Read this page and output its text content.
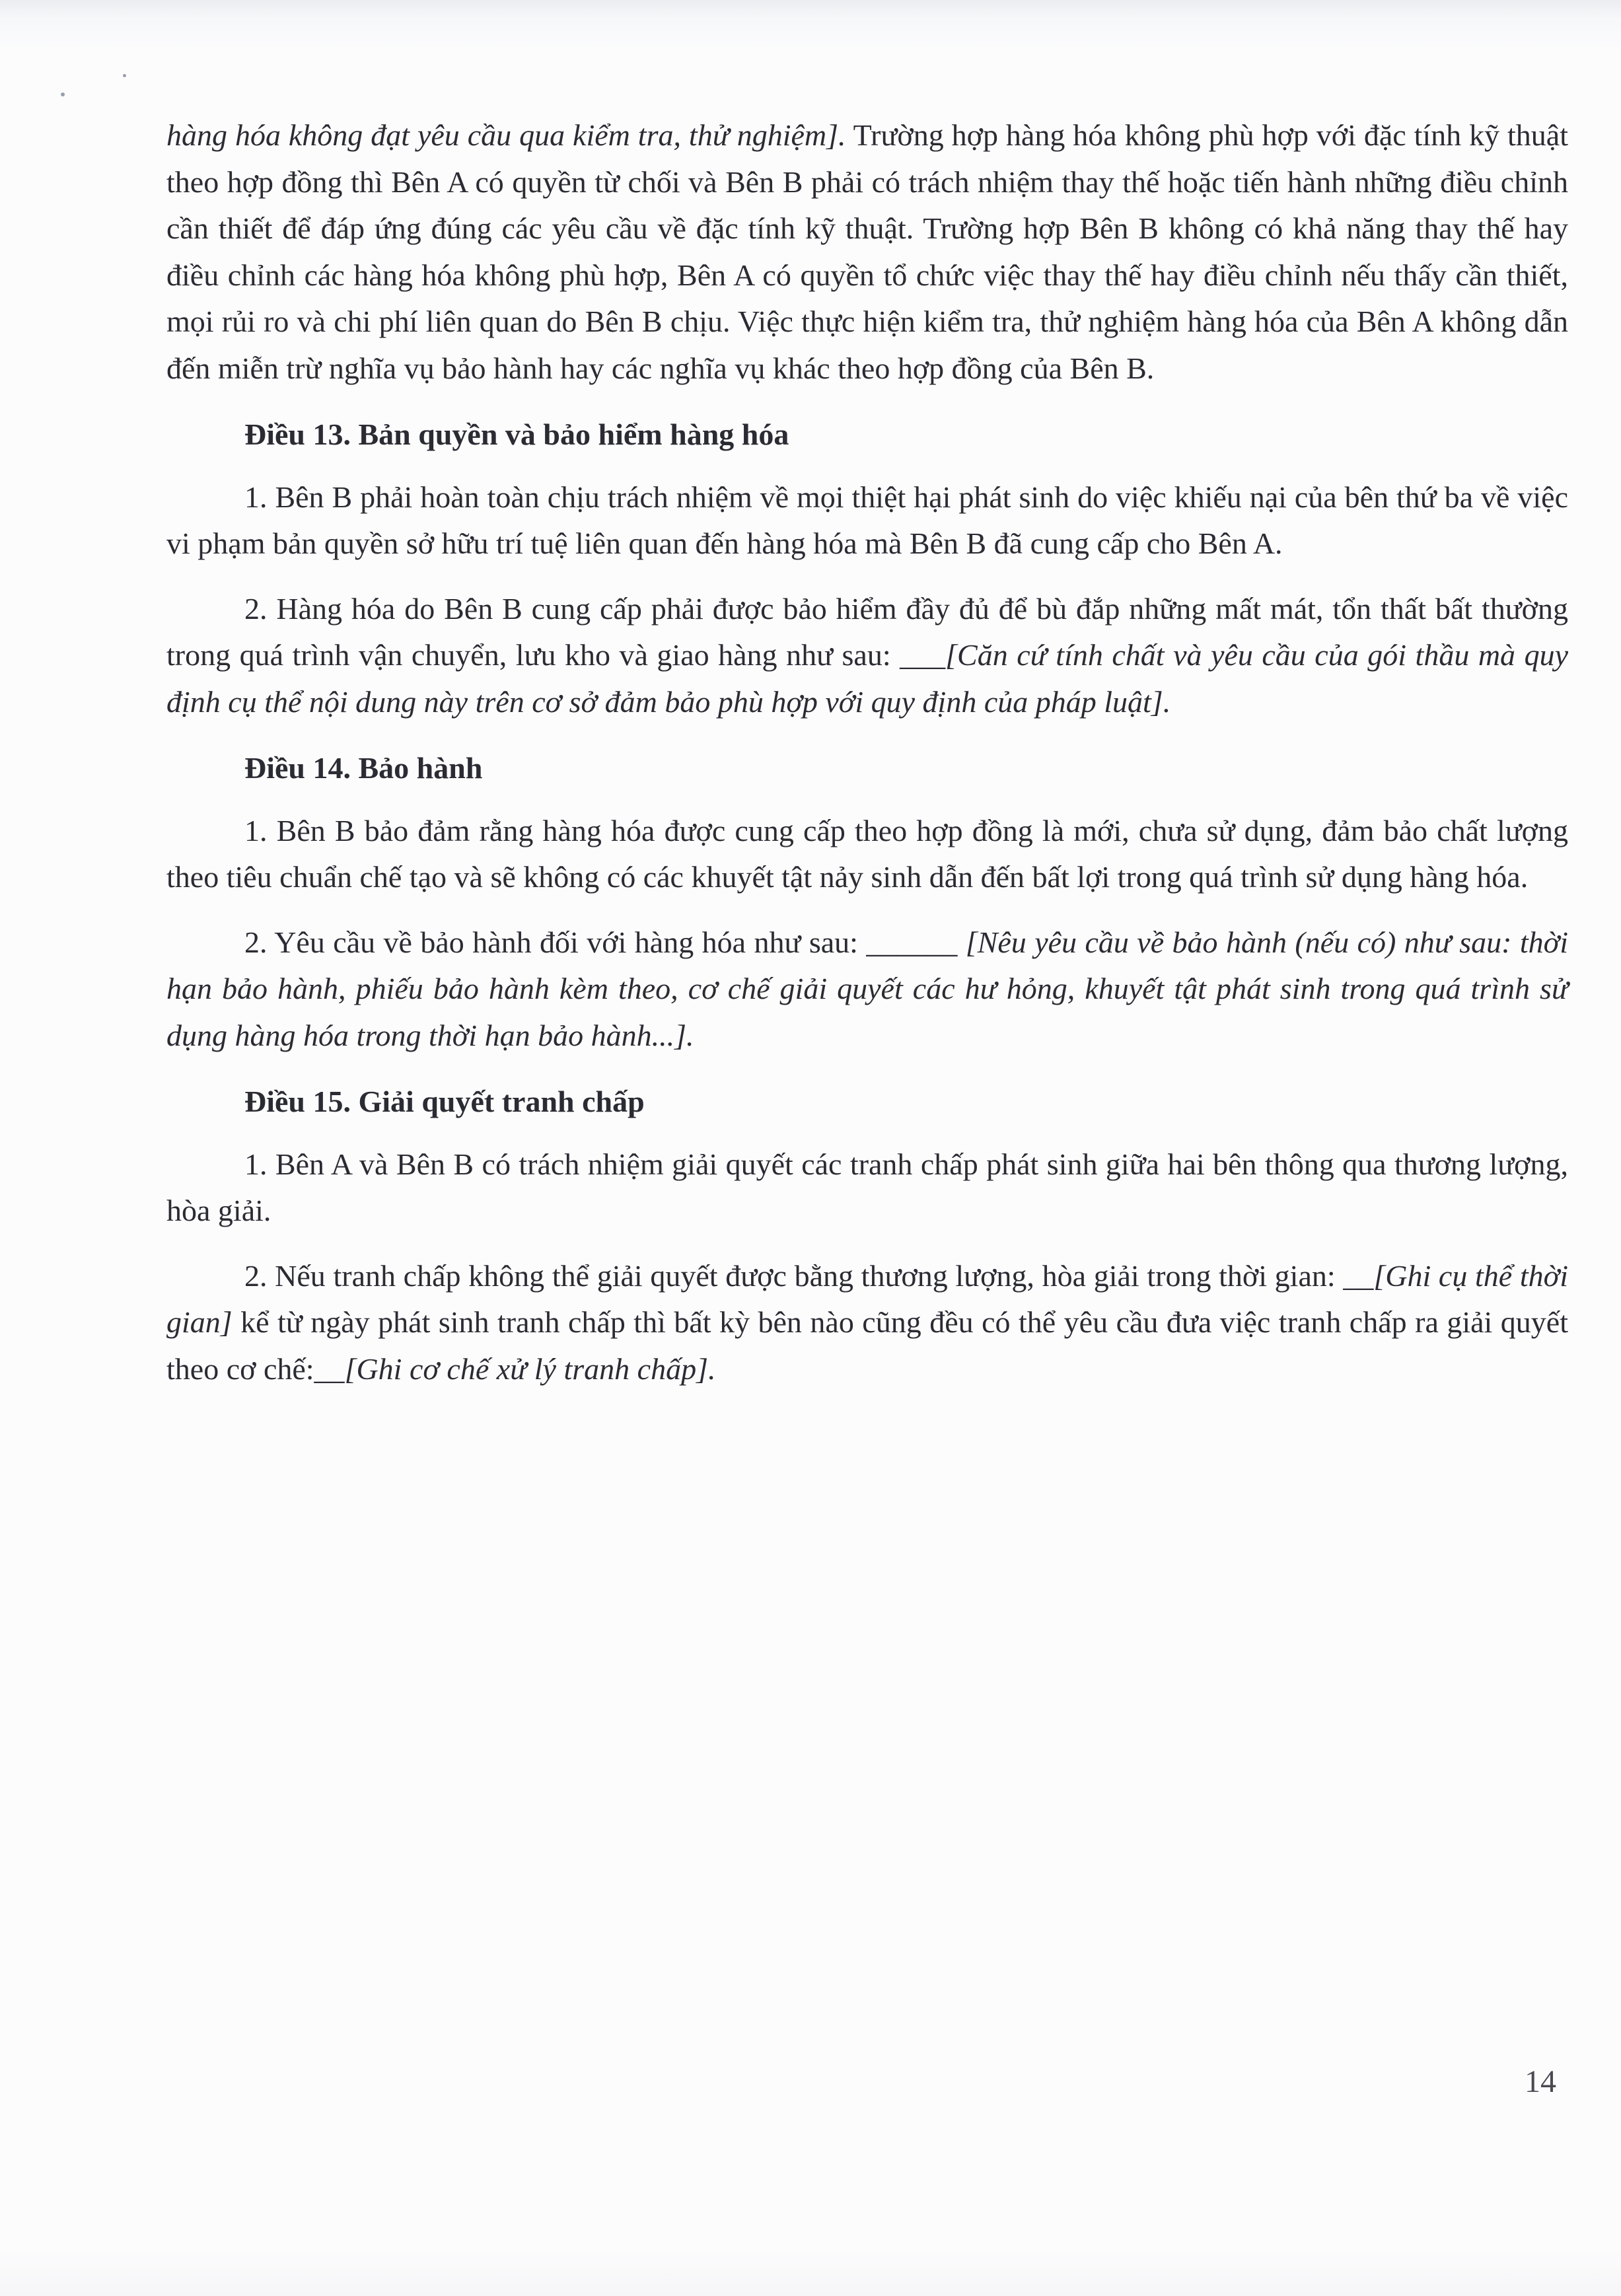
hàng hóa không đạt yêu cầu qua kiểm tra, thử nghiệm]. Trường hợp hàng hóa không phù hợp với đặc tính kỹ thuật theo hợp đồng thì Bên A có quyền từ chối và Bên B phải có trách nhiệm thay thế hoặc tiến hành những điều chỉnh cần thiết để đáp ứng đúng các yêu cầu về đặc tính kỹ thuật. Trường hợp Bên B không có khả năng thay thế hay điều chỉnh các hàng hóa không phù hợp, Bên A có quyền tổ chức việc thay thế hay điều chỉnh nếu thấy cần thiết, mọi rủi ro và chi phí liên quan do Bên B chịu. Việc thực hiện kiểm tra, thử nghiệm hàng hóa của Bên A không dẫn đến miễn trừ nghĩa vụ bảo hành hay các nghĩa vụ khác theo hợp đồng của Bên B.

Điều 13. Bản quyền và bảo hiểm hàng hóa

1. Bên B phải hoàn toàn chịu trách nhiệm về mọi thiệt hại phát sinh do việc khiếu nại của bên thứ ba về việc vi phạm bản quyền sở hữu trí tuệ liên quan đến hàng hóa mà Bên B đã cung cấp cho Bên A.

2. Hàng hóa do Bên B cung cấp phải được bảo hiểm đầy đủ để bù đắp những mất mát, tổn thất bất thường trong quá trình vận chuyển, lưu kho và giao hàng như sau: ___[Căn cứ tính chất và yêu cầu của gói thầu mà quy định cụ thể nội dung này trên cơ sở đảm bảo phù hợp với quy định của pháp luật].

Điều 14. Bảo hành

1. Bên B bảo đảm rằng hàng hóa được cung cấp theo hợp đồng là mới, chưa sử dụng, đảm bảo chất lượng theo tiêu chuẩn chế tạo và sẽ không có các khuyết tật nảy sinh dẫn đến bất lợi trong quá trình sử dụng hàng hóa.

2. Yêu cầu về bảo hành đối với hàng hóa như sau: ______ [Nêu yêu cầu về bảo hành (nếu có) như sau: thời hạn bảo hành, phiếu bảo hành kèm theo, cơ chế giải quyết các hư hỏng, khuyết tật phát sinh trong quá trình sử dụng hàng hóa trong thời hạn bảo hành...].

Điều 15. Giải quyết tranh chấp

1. Bên A và Bên B có trách nhiệm giải quyết các tranh chấp phát sinh giữa hai bên thông qua thương lượng, hòa giải.

2. Nếu tranh chấp không thể giải quyết được bằng thương lượng, hòa giải trong thời gian: __[Ghi cụ thể thời gian] kể từ ngày phát sinh tranh chấp thì bất kỳ bên nào cũng đều có thể yêu cầu đưa việc tranh chấp ra giải quyết theo cơ chế:__[Ghi cơ chế xử lý tranh chấp].

14
